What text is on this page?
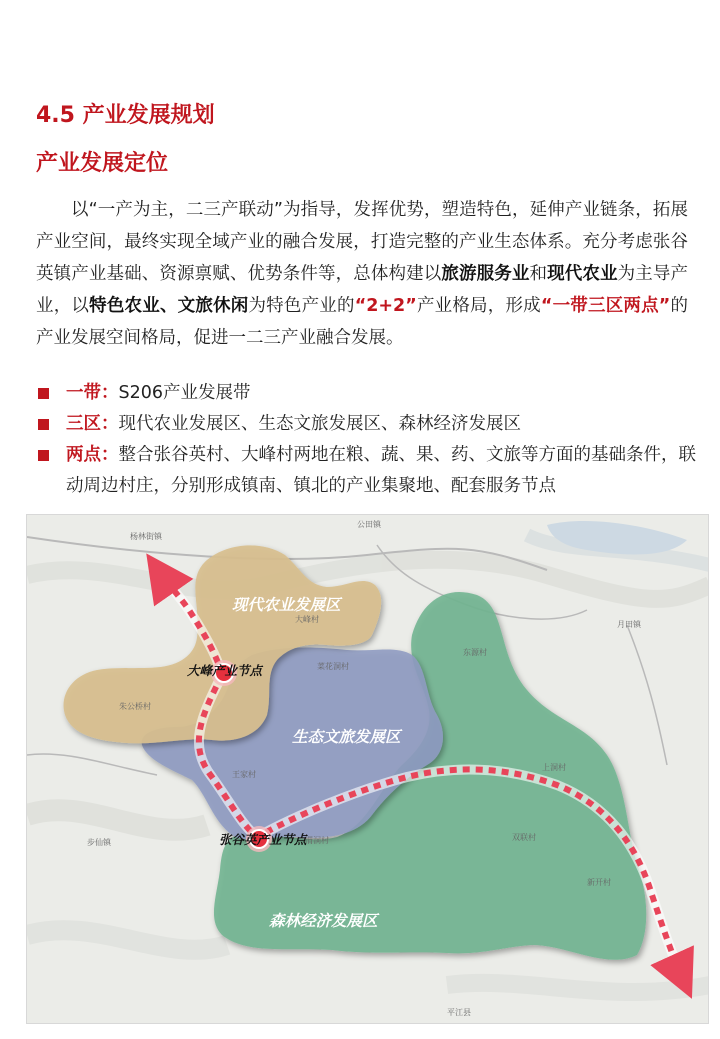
4.5 产业发展规划
产业发展定位
以“一产为主，二三产联动”为指导，发挥优势，塑造特色，延伸产业链条，拓展产业空间，最终实现全域产业的融合发展，打造完整的产业生态体系。充分考虑张谷英镇产业基础、资源禀赋、优势条件等，总体构建以旅游服务业和现代农业为主导产业，以特色农业、文旅休闲为特色产业的“2+2”产业格局，形成“一带三区两点”的产业发展空间格局，促进一二三产业融合发展。
一带：S206产业发展带
三区：现代农业发展区、生态文旅发展区、森林经济发展区
两点：整合张谷英村、大峰村两地在粮、蔬、果、药、文旅等方面的基础条件，联动周边村庄，分别形成镇南、镇北的产业集聚地、配套服务节点
杨林街镇
大峰村
朱公桥村
公田镇
月田镇
步仙镇
平江县
上洞村
新开村
双联村
渭洞村
王家村
菜花洞村
东源村
现代农业发展区
生态文旅发展区
森林经济发展区
大峰产业节点
张谷英产业节点
